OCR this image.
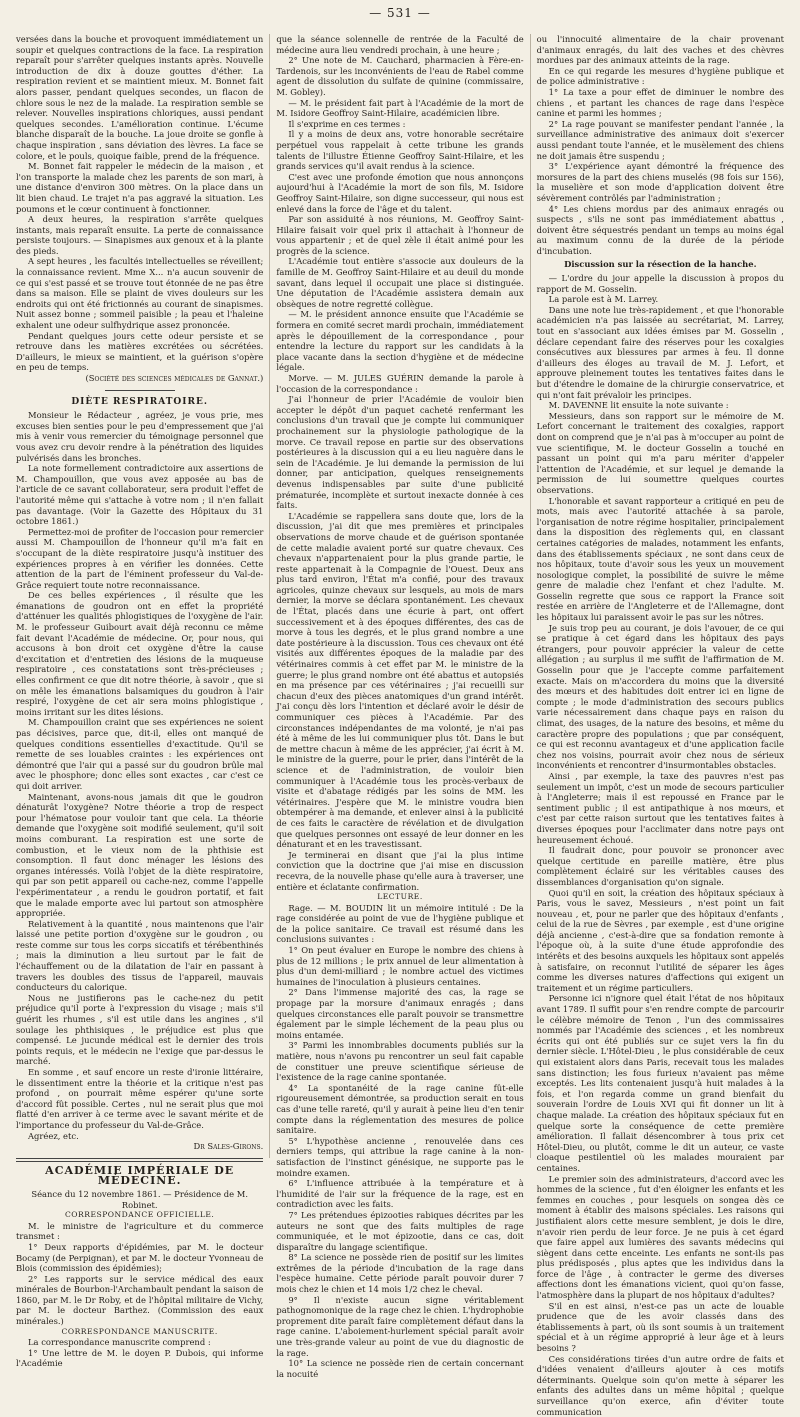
— 531 —

versées dans la bouche et provoquent immédiatement un soupir et quelques contractions de la face. La respiration reparaît pour s'arrêter quelques instants après. Nouvelle introduction de dix à douze gouttes d'éther. La respiration revient et se maintient mieux. M. Bonnet fait alors passer, pendant quelques secondes, un flacon de chlore sous le nez de la malade. La respiration semble se relever. Nouvelles inspirations chloriques, aussi pendant quelques secondes. L'amélioration continue. L'écume blanche disparaît de la bouche. La joue droite se gonfle à chaque inspiration , sans déviation des lèvres. La face se colore, et le pouls, quoique faible, prend de la fréquence.

M. Bonnet fait rappeler le médecin de la maison , et l'on transporte la malade chez les parents de son mari, à une distance d'environ 300 mètres. On la place dans un lit bien chaud. Le trajet n'a pas aggravé la situation. Les poumons et le cœur continuent à fonctionner.

A deux heures, la respiration s'arrête quelques instants, mais reparaît ensuite. La perte de connaissance persiste toujours. — Sinapismes aux genoux et à la plante des pieds.

A sept heures , les facultés intellectuelles se réveillent; la connaissance revient. Mme X... n'a aucun souvenir de ce qui s'est passé et se trouve tout étonnée de ne pas être dans sa maison. Elle se plaint de vives douleurs sur les endroits qui ont été frictionnés au courant de sinapismes. Nuit assez bonne ; sommeil paisible ; la peau et l'haleine exhalent une odeur sulfhydrique assez prononcée.

Pendant quelques jours cette odeur persiste et se retrouve dans les matières excrétées ou sécrétées. D'ailleurs, le mieux se maintient, et la guérison s'opère en peu de temps.

(Société des sciences médicales de Gannat.)

DIÈTE RESPIRATOIRE.

Monsieur le Rédacteur , agréez, je vous prie, mes excuses bien senties pour le peu d'empressement que j'ai mis à venir vous remercier du témoignage personnel que vous avez cru devoir rendre à la pénétration des liquides pulvérisés dans les bronches.

La note formellement contradictoire aux assertions de M. Champouillon, que vous avez apposée au bas de l'article de ce savant collaborateur, sera produit l'effet de l'autorité même qui s'attache à votre nom ; il n'en fallait pas davantage. (Voir la Gazette des Hôpitaux du 31 octobre 1861.)

Permettez-moi de profiter de l'occasion pour remercier aussi M. Champouillon de l'honneur qu'il m'a fait en s'occupant de la diète respiratoire jusqu'à instituer des expériences propres à en vérifier les données. Cette attention de la part de l'éminent professeur du Val-de-Grâce requiert toute notre reconnaissance.

De ces belles expériences , il résulte que les émanations de goudron ont en effet la propriété d'atténuer les qualités phlogistiques de l'oxygène de l'air. M. le professeur Guibourt avait déjà reconnu ce même fait devant l'Académie de médecine. Or, pour nous, qui accusons à bon droit cet oxygène d'être la cause d'excitation et d'entretien des lésions de la muqueuse respiratoire , ces constatations sont très-précieuses ; elles confirment ce que dit notre théorie, à savoir , que si on mêle les émanations balsamiques du goudron à l'air respiré, l'oxygène de cet air sera moins phlogistique , moins irritant sur les dites lésions.

M. Champouillon craint que ses expériences ne soient pas décisives, parce que, dit-il, elles ont manqué de quelques conditions essentielles d'exactitude. Qu'il se remette de ses louables craintes : les expériences ont démontré que l'air qui a passé sur du goudron brûle mal avec le phosphore; donc elles sont exactes , car c'est ce qui doit arriver.

Maintenant, avons-nous jamais dit que le goudron dénaturât l'oxygène? Notre théorie a trop de respect pour l'hématose pour vouloir tant que cela. La théorie demande que l'oxygène soit modifié seulement, qu'il soit moins comburant. La respiration est une sorte de combustion, et le vieux nom de la phthisie est consomption. Il faut donc ménager les lésions des organes intéressés. Voilà l'objet de la diète respiratoire, qui par son petit appareil ou cache-nez, comme l'appelle l'expérimentateur , a rendu le goudron portatif, et fait que le malade emporte avec lui partout son atmosphère appropriée.

Relativement à la quantité , nous maintenons que l'air laissé une petite portion d'oxygène sur le goudron , ou reste comme sur tous les corps siccatifs et térébenthinés ; mais la diminution a lieu surtout par le fait de l'échauffement ou de la dilatation de l'air en passant à travers les doubles des tissus de l'appareil, mauvais conducteurs du calorique.

Nous ne justifierons pas le cache-nez du petit préjudice qu'il porte à l'expression du visage ; mais s'il guérit les rhumes , s'il est utile dans les angines , s'il soulage les phthisiques , le préjudice est plus que compensé. Le jucunde médical est le dernier des trois points requis, et le médecin ne l'exige que par-dessus le marché.

En somme , et sauf encore un reste d'ironie littéraire, le dissentiment entre la théorie et la critique n'est pas profond , on pourrait même espérer qu'une sorte d'accord fût possible. Certes , nul ne serait plus que moi flatté d'en arriver à ce terme avec le savant mérite et de l'importance du professeur du Val-de-Grâce.

Agréez, etc.

Dr Sales-Girons.

ACADÉMIE IMPÉRIALE DE MÉDECINE.

Séance du 12 novembre 1861. — Présidence de M. Robinet.

CORRESPONDANCE OFFICIELLE.

M. le ministre de l'agriculture et du commerce transmet :

1° Deux rapports d'épidémies, par M. le docteur Bocamy (de Perpignan), et par M. le docteur Yvonneau de Blois (commission des épidémies);

2° Les rapports sur le service médical des eaux minérales de Bourbon-l'Archambault pendant la saison de 1860, par M. le Dr Roby, et de l'hôpital militaire de Vichy, par M. le docteur Barthez. (Commission des eaux minérales.)

CORRESPONDANCE MANUSCRITE.

La correspondance manuscrite comprend :

1° Une lettre de M. le doyen P. Dubois, qui informe l'Académie

que la séance solennelle de rentrée de la Faculté de médecine aura lieu vendredi prochain, à une heure ;

2° Une note de M. Cauchard, pharmacien à Fère-en-Tardenois, sur les inconvénients de l'eau de Rabel comme agent de dissolution du sulfate de quinine (commissaire, M. Gobley).

— M. le président fait part à l'Académie de la mort de M. Isidore Geoffroy Saint-Hilaire, académicien libre.

Il s'exprime en ces termes :

Il y a moins de deux ans, votre honorable secrétaire perpétuel vous rappelait à cette tribune les grands talents de l'illustre Étienne Geoffroy Saint-Hilaire, et les grands services qu'il avait rendus à la science.

C'est avec une profonde émotion que nous annonçons aujourd'hui à l'Académie la mort de son fils, M. Isidore Geoffroy Saint-Hilaire, son digne successeur, qui nous est enlevé dans la force de l'âge et du talent.

Par son assiduité à nos réunions, M. Geoffroy Saint-Hilaire faisait voir quel prix il attachait à l'honneur de vous appartenir ; et de quel zèle il était animé pour les progrès de la science.

L'Académie tout entière s'associe aux douleurs de la famille de M. Geoffroy Saint-Hilaire et au deuil du monde savant, dans lequel il occupait une place si distinguée. Une députation de l'Académie assistera demain aux obsèques de notre regretté collègue.

— M. le président annonce ensuite que l'Académie se formera en comité secret mardi prochain, immédiatement après le dépouillement de la correspondance , pour entendre la lecture du rapport sur les candidats à la place vacante dans la section d'hygiène et de médecine légale.

Morve. — M. JULES GUÉRIN demande la parole à l'occasion de la correspondance :

J'ai l'honneur de prier l'Académie de vouloir bien accepter le dépôt d'un paquet cacheté renfermant les conclusions d'un travail que je compte lui communiquer prochainement sur la physiologie pathologique de la morve. Ce travail repose en partie sur des observations postérieures à la discussion qui a eu lieu naguère dans le sein de l'Académie. Je lui demande la permission de lui donner, par anticipation, quelques renseignements devenus indispensables par suite d'une publicité prématurée, incomplète et surtout inexacte donnée à ces faits.

L'Académie se rappellera sans doute que, lors de la discussion, j'ai dit que mes premières et principales observations de morve chaude et de guérison spontanée de cette maladie avaient porté sur quatre chevaux. Ces chevaux n'appartenaient pour la plus grande partie, le reste appartenait à la Compagnie de l'Ouest. Deux ans plus tard environ, l'État m'a confié, pour des travaux agricoles, quinze chevaux sur lesquels, au mois de mars dernier, la morve se déclara spontanément. Les chevaux de l'État, placés dans une écurie à part, ont offert successivement et à des époques différentes, des cas de morve à tous les degrés, et le plus grand nombre a une date postérieure à la discussion. Tous ces chevaux ont été visités aux différentes époques de la maladie par des vétérinaires commis à cet effet par M. le ministre de la guerre; le plus grand nombre ont été abattus et autopsiés en ma présence par ces vétérinaires ; j'ai recueilli sur chacun d'eux des pièces anatomiques d'un grand intérêt. J'ai conçu dès lors l'intention et déclaré avoir le désir de communiquer ces pièces à l'Académie. Par des circonstances indépendantes de ma volonté, je n'ai pas été à même de les lui communiquer plus tôt. Dans le but de mettre chacun à même de les apprécier, j'ai écrit à M. le ministre de la guerre, pour le prier, dans l'intérêt de la science et de l'administration, de vouloir bien communiquer à l'Académie tous les procès-verbaux de visite et d'abatage rédigés par les soins de MM. les vétérinaires. J'espère que M. le ministre voudra bien obtempérer à ma demande, et enlever ainsi à la publicité de ces faits le caractère de révélation et de divulgation que quelques personnes ont essayé de leur donner en les dénaturant et en les travestissant.

Je terminerai en disant que j'ai la plus intime conviction que la doctrine que j'ai mise en discussion recevra, de la nouvelle phase qu'elle aura à traverser, une entière et éclatante confirmation.

LECTURE.

Rage. — M. BOUDIN lit un mémoire intitulé : De la rage considérée au point de vue de l'hygiène publique et de la police sanitaire. Ce travail est résumé dans les conclusions suivantes :

1° On peut évaluer en Europe le nombre des chiens à plus de 12 millions ; le prix annuel de leur alimentation à plus d'un demi-milliard ; le nombre actuel des victimes humaines de l'inoculation à plusieurs centaines.

2° Dans l'immense majorité des cas, la rage se propage par la morsure d'animaux enragés ; dans quelques circonstances elle paraît pouvoir se transmettre également par le simple léchement de la peau plus ou moins entamée.

3° Parmi les innombrables documents publiés sur la matière, nous n'avons pu rencontrer un seul fait capable de constituer une preuve scientifique sérieuse de l'existence de la rage canine spontanée.

4° La spontanéité de la rage canine fût-elle rigoureusement démontrée, sa production serait en tous cas d'une telle rareté, qu'il y aurait à peine lieu d'en tenir compte dans la réglementation des mesures de police sanitaire.

5° L'hypothèse ancienne , renouvelée dans ces derniers temps, qui attribue la rage canine à la non-satisfaction de l'instinct génésique, ne supporte pas le moindre examen.

6° L'influence attribuée à la température et à l'humidité de l'air sur la fréquence de la rage, est en contradiction avec les faits.

7° Les prétendues épizooties rabiques décrites par les auteurs ne sont que des faits multiples de rage communiquée, et le mot épizootie, dans ce cas, doit disparaître du langage scientifique.

8° La science ne possède rien de positif sur les limites extrêmes de la période d'incubation de la rage dans l'espèce humaine. Cette période paraît pouvoir durer 7 mois chez le chien et 14 mois 1/2 chez le cheval.

9° Il n'existe aucun signe véritablement pathognomonique de la rage chez le chien. L'hydrophobie proprement dite paraît faire complètement défaut dans la rage canine. L'aboiement-hurlement spécial paraît avoir une très-grande valeur au point de vue du diagnostic de la rage.

10° La science ne possède rien de certain concernant la nocuité

ou l'innocuité alimentaire de la chair provenant d'animaux enragés, du lait des vaches et des chèvres mordues par des animaux atteints de la rage.

En ce qui regarde les mesures d'hygiène publique et de police administrative :

1° La taxe a pour effet de diminuer le nombre des chiens , et partant les chances de rage dans l'espèce canine et parmi les hommes ;

2° La rage pouvant se manifester pendant l'année , la surveillance administrative des animaux doit s'exercer aussi pendant toute l'année, et le musèlement des chiens ne doit jamais être suspendu ;

3° L'expérience ayant démontré la fréquence des morsures de la part des chiens muselés (98 fois sur 156), la muselière et son mode d'application doivent être sévèrement contrôlés par l'administration ;

4° Les chiens mordus par des animaux enragés ou suspects , s'ils ne sont pas immédiatement abattus , doivent être séquestrés pendant un temps au moins égal au maximum connu de la durée de la période d'incubation.

Discussion sur la résection de la hanche.

— L'ordre du jour appelle la discussion à propos du rapport de M. Gosselin.

La parole est à M. Larrey.

Dans une note lue très-rapidement , et que l'honorable académicien n'a pas laissée au secrétariat, M. Larrey, tout en s'associant aux idées émises par M. Gosselin , déclare cependant faire des réserves pour les coxalgies consécutives aux blessures par armes à feu. Il donne d'ailleurs des éloges au travail de M. J. Lefort, et approuve pleinement toutes les tentatives faites dans le but d'étendre le domaine de la chirurgie conservatrice, et qui n'ont fait prévaloir les principes.

M. DAVENNE lit ensuite la note suivante :

Messieurs, dans son rapport sur le mémoire de M. Lefort concernant le traitement des coxalgies, rapport dont on comprend que je n'ai pas à m'occuper au point de vue scientifique, M. le docteur Gosselin a touché en passant un point qui m'a paru mériter d'appeler l'attention de l'Académie, et sur lequel je demande la permission de lui soumettre quelques courtes observations.

L'honorable et savant rapporteur a critiqué en peu de mots, mais avec l'autorité attachée à sa parole, l'organisation de notre régime hospitalier, principalement dans la disposition des règlements qui, en classant certaines catégories de malades, notamment les enfants, dans des établissements spéciaux , ne sont dans ceux de nos hôpitaux, toute d'avoir sous les yeux un mouvement nosologique complet, la possibilité de suivre le même genre de maladie chez l'enfant et chez l'adulte. M. Gosselin regrette que sous ce rapport la France soit restée en arrière de l'Angleterre et de l'Allemagne, dont les hôpitaux lui paraissent avoir le pas sur les nôtres.

Je suis trop peu au courant, je dois l'avouer, de ce qui se pratique à cet égard dans les hôpitaux des pays étrangers, pour pouvoir apprécier la valeur de cette allégation ; au surplus il me suffit de l'affirmation de M. Gosselin pour que je l'accepte comme parfaitement exacte. Mais on m'accordera du moins que la diversité des mœurs et des habitudes doit entrer ici en ligne de compte ; le mode d'administration des secours publics varie nécessairement dans chaque pays en raison du climat, des usages, de la nature des besoins, et même du caractère propre des populations ; que par conséquent, ce qui est reconnu avantageux et d'une application facile chez nos voisins, pourrait avoir chez nous de sérieux inconvénients et rencontrer d'insurmontables obstacles.

Ainsi , par exemple, la taxe des pauvres n'est pas seulement un impôt, c'est un mode de secours particulier à l'Angleterre; mais il est repoussé en France par le sentiment public ; il est antipathique à nos mœurs, et c'est par cette raison surtout que les tentatives faites à diverses époques pour l'acclimater dans notre pays ont heureusement échoué.

Il faudrait donc, pour pouvoir se prononcer avec quelque certitude en pareille matière, être plus complètement éclairé sur les véritables causes des dissemblances d'organisation qu'on signale.

Quoi qu'il en soit, la création des hôpitaux spéciaux à Paris, vous le savez, Messieurs , n'est point un fait nouveau , et, pour ne parler que des hôpitaux d'enfants , celui de la rue de Sèvres , par exemple , est d'une origine déjà ancienne , c'est-à-dire que sa fondation remonte à l'époque où, à la suite d'une étude approfondie des intérêts et des besoins auxquels les hôpitaux sont appelés à satisfaire, on reconnut l'utilité de séparer les âges comme les diverses natures d'affections qui exigent un traitement et un régime particuliers.

Personne ici n'ignore quel était l'état de nos hôpitaux avant 1789. Il suffit pour s'en rendre compte de parcourir le célèbre mémoire de Tenon , l'un des commissaires nommés par l'Académie des sciences , et les nombreux écrits qui ont été publiés sur ce sujet vers la fin du dernier siècle. L'Hôtel-Dieu , le plus considérable de ceux qui existaient alors dans Paris, recevait tous les malades sans distinction; les fous furieux n'avaient pas même exceptés. Les lits contenaient jusqu'à huit malades à la fois, et l'on regarda comme un grand bienfait du souverain l'ordre de Louis XVI qui fit donner un lit à chaque malade. La création des hôpitaux spéciaux fut en quelque sorte la conséquence de cette première amélioration. Il fallait désencombrer à tous prix cet Hôtel-Dieu, ou plutôt, comme le dit un auteur, ce vaste cloaque pestilentiel où les malades mouraient par centaines.

Le premier soin des administrateurs, d'accord avec les hommes de la science , fut d'en éloigner les enfants et les femmes en couches , pour lesquels on songea dès ce moment à établir des maisons spéciales. Les raisons qui justifiaient alors cette mesure semblent, je dois le dire, n'avoir rien perdu de leur force. Je ne puis à cet égard que faire appel aux lumières des savants médecins qui siègent dans cette enceinte. Les enfants ne sont-ils pas plus prédisposés , plus aptes que les individus dans la force de l'âge , à contracter le germe des diverses affections dont les émanations vicient, quoi qu'on fasse, l'atmosphère dans la plupart de nos hôpitaux d'adultes?

S'il en est ainsi, n'est-ce pas un acte de louable prudence que de les avoir classés dans des établissements à part, où ils sont soumis à un traitement spécial et à un régime approprié à leur âge et à leurs besoins ?

Ces considérations tirées d'un autre ordre de faits et d'idées venaient d'ailleurs ajouter à ces motifs déterminants. Quelque soin qu'on mette à séparer les enfants des adultes dans un même hôpital ; quelque surveillance qu'on exerce, afin d'éviter toute communication
